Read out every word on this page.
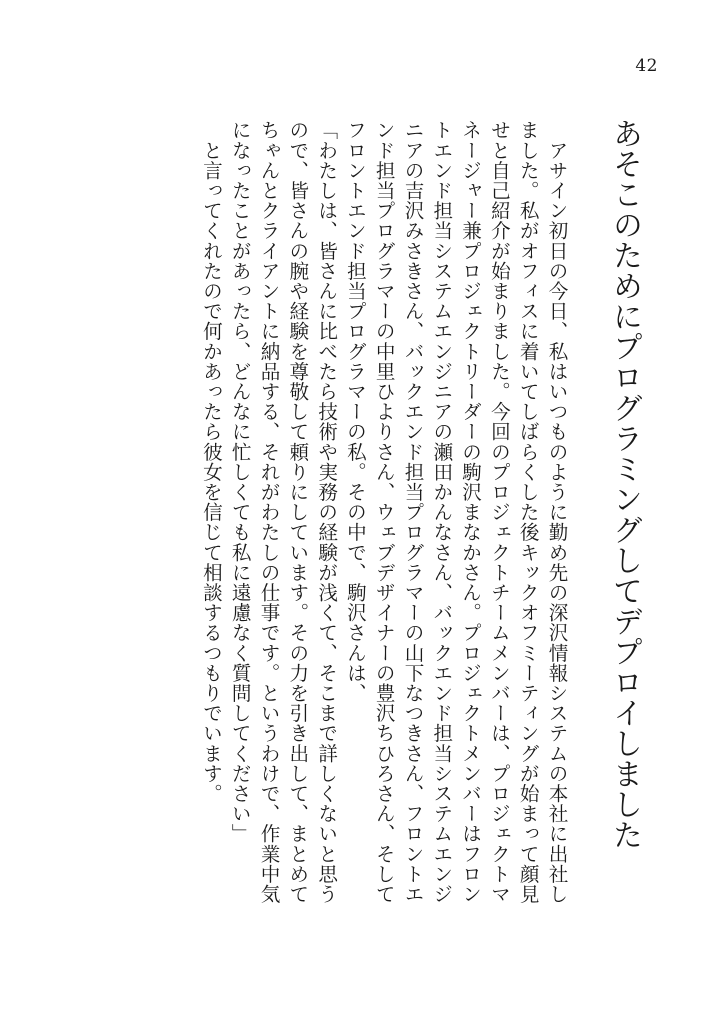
42
あそこのためにプログラミングしてデプロイしました

　アサイン初日の今日、私はいつものように勤め先の深沢情報システムの本社に出社し

ました。私がオフィスに着いてしばらくした後キックオフミーティングが始まって顔見

せと自己紹介が始まりました。今回のプロジェクトチームメンバーは、プロジェクトマ

ネージャー兼プロジェクトリーダーの駒沢まなかさん。プロジェクトメンバーはフロン

トエンド担当システムエンジニアの瀬田かんなさん、バックエンド担当システムエンジ

ニアの吉沢みさきさん、バックエンド担当プログラマーの山下なつきさん、フロントエ

ンド担当プログラマーの中里ひよりさん、ウェブデザイナーの豊沢ちひろさん、そして

フロントエンド担当プログラマーの私。その中で、駒沢さんは、

「わたしは、皆さんに比べたら技術や実務の経験が浅くて、そこまで詳しくないと思う

ので、皆さんの腕や経験を尊敬して頼りにしています。その力を引き出して、まとめて

ちゃんとクライアントに納品する、それがわたしの仕事です。というわけで、作業中気

になったことがあったら、どんなに忙しくても私に遠慮なく質問してください」

　と言ってくれたので何かあったら彼女を信じて相談するつもりでいます。
